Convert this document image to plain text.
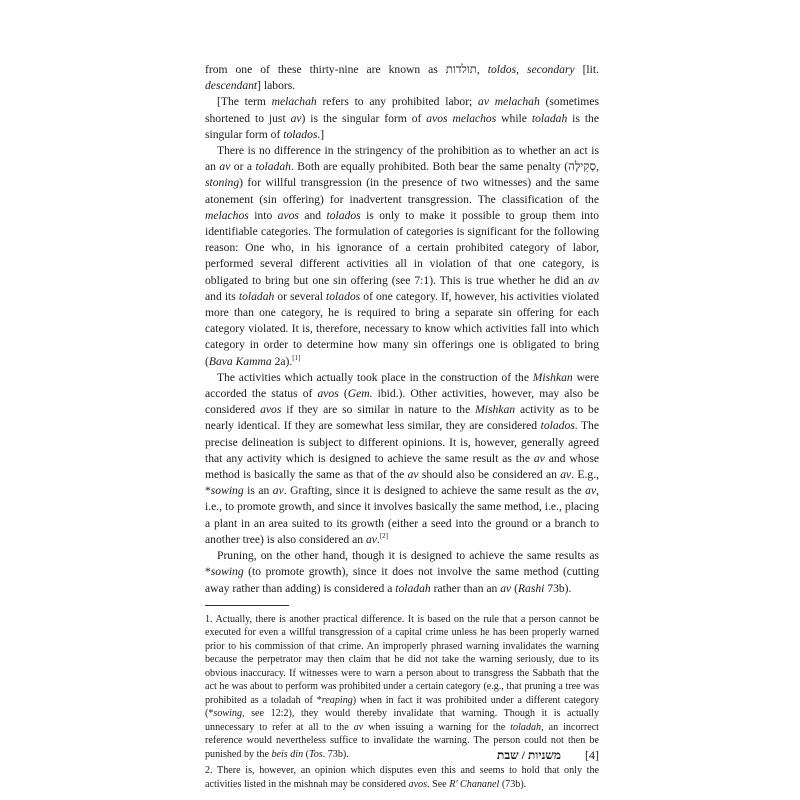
from one of these thirty-nine are known as תולדות, toldos, secondary [lit. descendant] labors.

[The term melachah refers to any prohibited labor; av melachah (sometimes shortened to just av) is the singular form of avos melachos while toladah is the singular form of tolados.]

There is no difference in the stringency of the prohibition as to whether an act is an av or a toladah. Both are equally prohibited. Both bear the same penalty (סְקִילָה, stoning) for willful transgression (in the presence of two witnesses) and the same atonement (sin offering) for inadvertent transgression. The classification of the melachos into avos and tolados is only to make it possible to group them into identifiable categories. The formulation of categories is significant for the following reason: One who, in his ignorance of a certain prohibited category of labor, performed several different activities all in violation of that one category, is obligated to bring but one sin offering (see 7:1). This is true whether he did an av and its toladah or several tolados of one category. If, however, his activities violated more than one category, he is required to bring a separate sin offering for each category violated. It is, therefore, necessary to know which activities fall into which category in order to determine how many sin offerings one is obligated to bring (Bava Kamma 2a).[1]

The activities which actually took place in the construction of the Mishkan were accorded the status of avos (Gem. ibid.). Other activities, however, may also be considered avos if they are so similar in nature to the Mishkan activity as to be nearly identical. If they are somewhat less similar, they are considered tolados. The precise delineation is subject to different opinions. It is, however, generally agreed that any activity which is designed to achieve the same result as the av and whose method is basically the same as that of the av should also be considered an av. E.g., *sowing is an av. Grafting, since it is designed to achieve the same result as the av, i.e., to promote growth, and since it involves basically the same method, i.e., placing a plant in an area suited to its growth (either a seed into the ground or a branch to another tree) is also considered an av.[2]

Pruning, on the other hand, though it is designed to achieve the same results as *sowing (to promote growth), since it does not involve the same method (cutting away rather than adding) is considered a toladah rather than an av (Rashi 73b).

1. Actually, there is another practical difference. It is based on the rule that a person cannot be executed for even a willful transgression of a capital crime unless he has been properly warned prior to his commission of that crime. An improperly phrased warning invalidates the warning because the perpetrator may then claim that he did not take the warning seriously, due to its obvious inaccuracy. If witnesses were to warn a person about to transgress the Sabbath that the act he was about to perform was prohibited under a certain category (e.g., that pruning a tree was prohibited as a toladah of *reaping) when in fact it was prohibited under a different category (*sowing, see 12:2), they would thereby invalidate that warning. Though it is actually unnecessary to refer at all to the av when issuing a warning for the toladah, an incorrect reference would nevertheless suffice to invalidate the warning. The person could not then be punished by the beis din (Tos. 73b).

2. There is, however, an opinion which disputes even this and seems to hold that only the activities listed in the mishnah may be considered avos. See R' Chananel (73b).

משניות / שבת [4]
